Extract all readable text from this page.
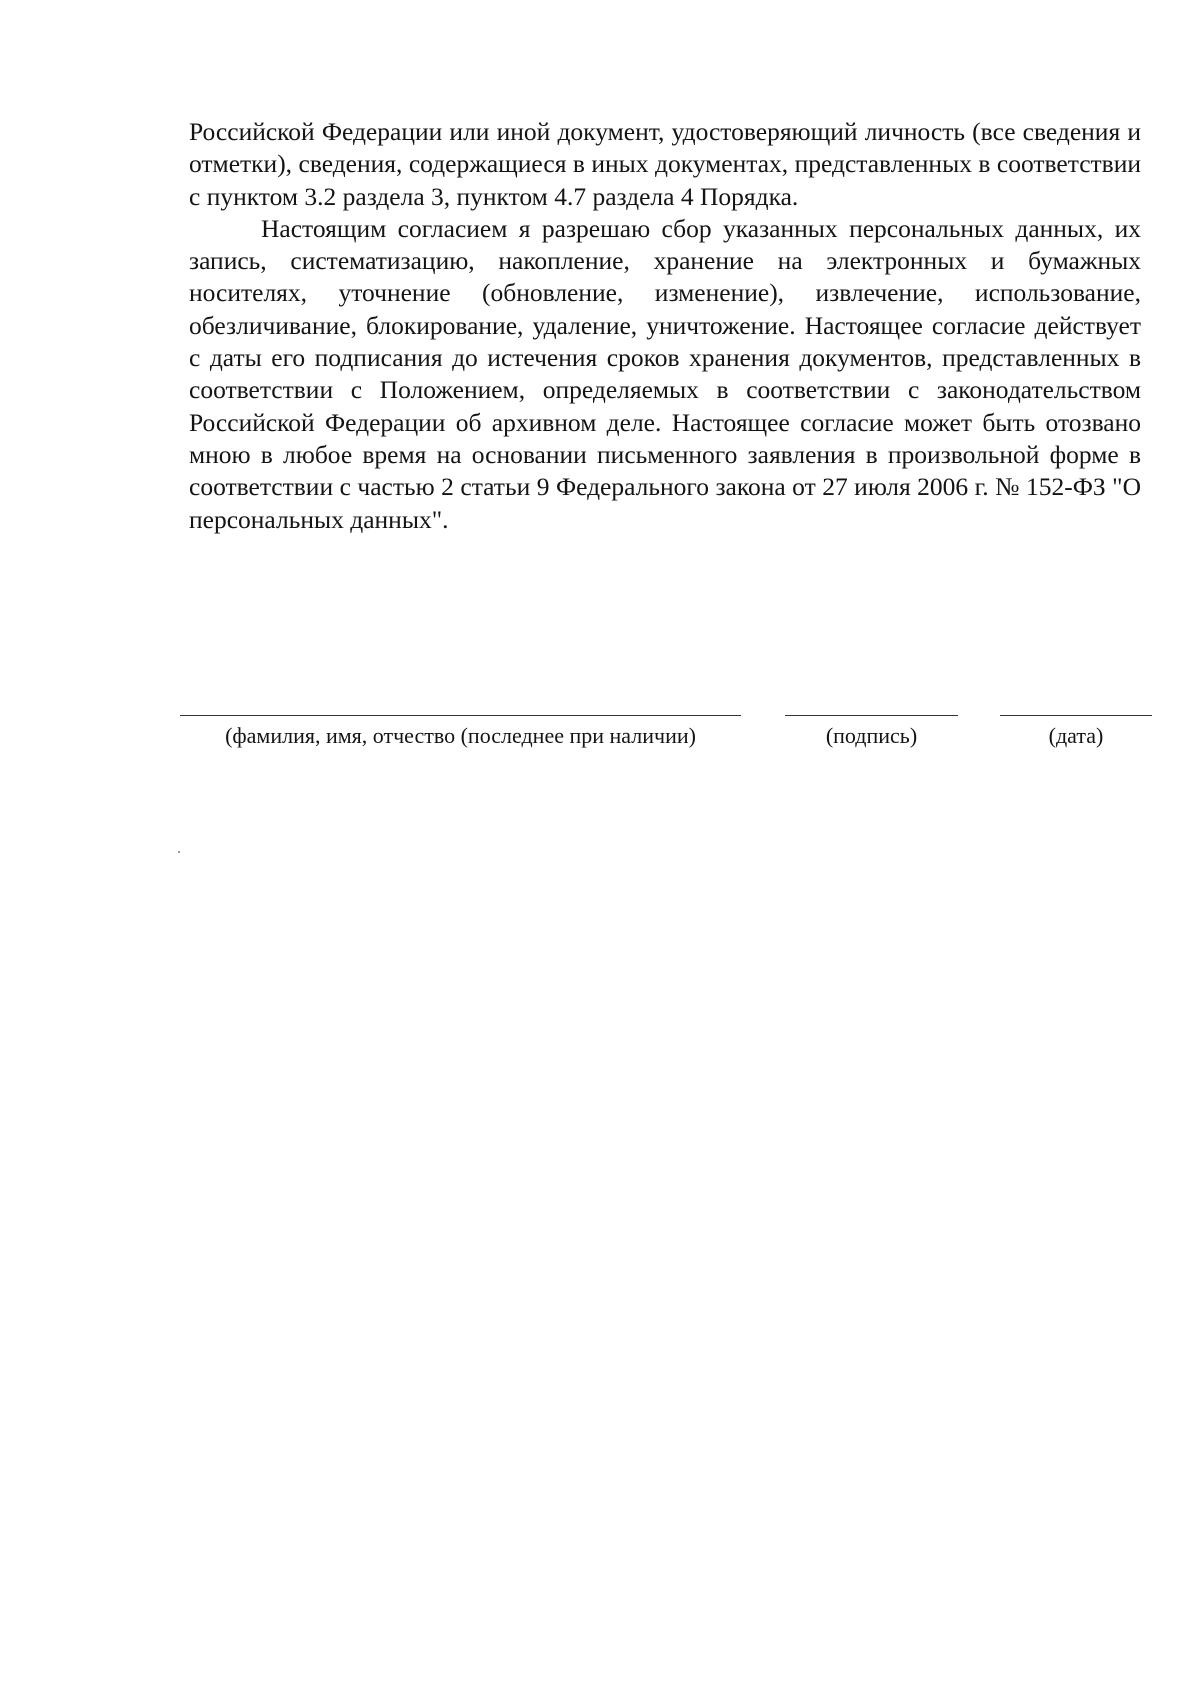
Российской Федерации или иной документ, удостоверяющий личность (все сведения и отметки), сведения, содержащиеся в иных документах, представленных в соответствии с пунктом 3.2 раздела 3, пунктом 4.7 раздела 4 Порядка.

Настоящим согласием я разрешаю сбор указанных персональных данных, их запись, систематизацию, накопление, хранение на электронных и бумажных носителях, уточнение (обновление, изменение), извлечение, использование, обезличивание, блокирование, удаление, уничтожение. Настоящее согласие действует с даты его подписания до истечения сроков хранения документов, представленных в соответствии с Положением, определяемых в соответствии с законодательством Российской Федерации об архивном деле. Настоящее согласие может быть отозвано мною в любое время на основании письменного заявления в произвольной форме в соответствии с частью 2 статьи 9 Федерального закона от 27 июля 2006 г. № 152-ФЗ "О персональных данных".

(фамилия, имя, отчество (последнее при наличии)	(подпись)	(дата)
